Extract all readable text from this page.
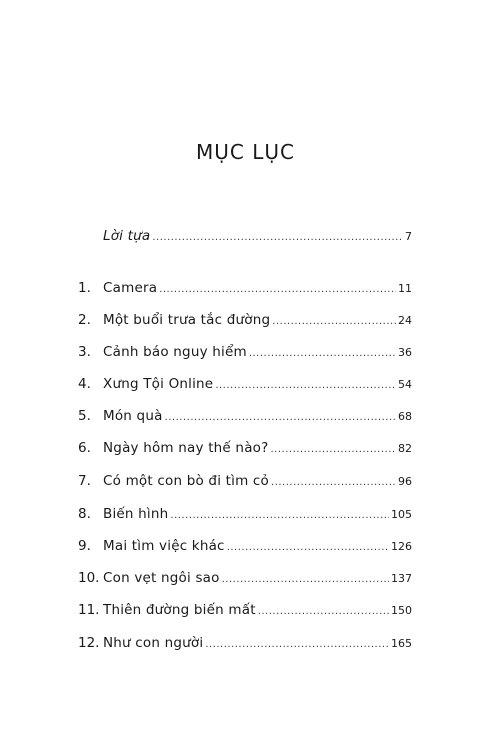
MỤC LỤC
Lời tựa .....	7
1. Camera .....	11
2. Một buổi trưa tắc đường .....	24
3. Cảnh báo nguy hiểm .....	36
4. Xưng Tội Online .....	54
5. Món quà .....	68
6. Ngày hôm nay thế nào? .....	82
7. Có một con bò đi tìm cỏ .....	96
8. Biến hình .....	105
9. Mai tìm việc khác .....	126
10. Con vẹt ngôi sao .....	137
11. Thiên đường biến mất .....	150
12. Như con người .....	165
